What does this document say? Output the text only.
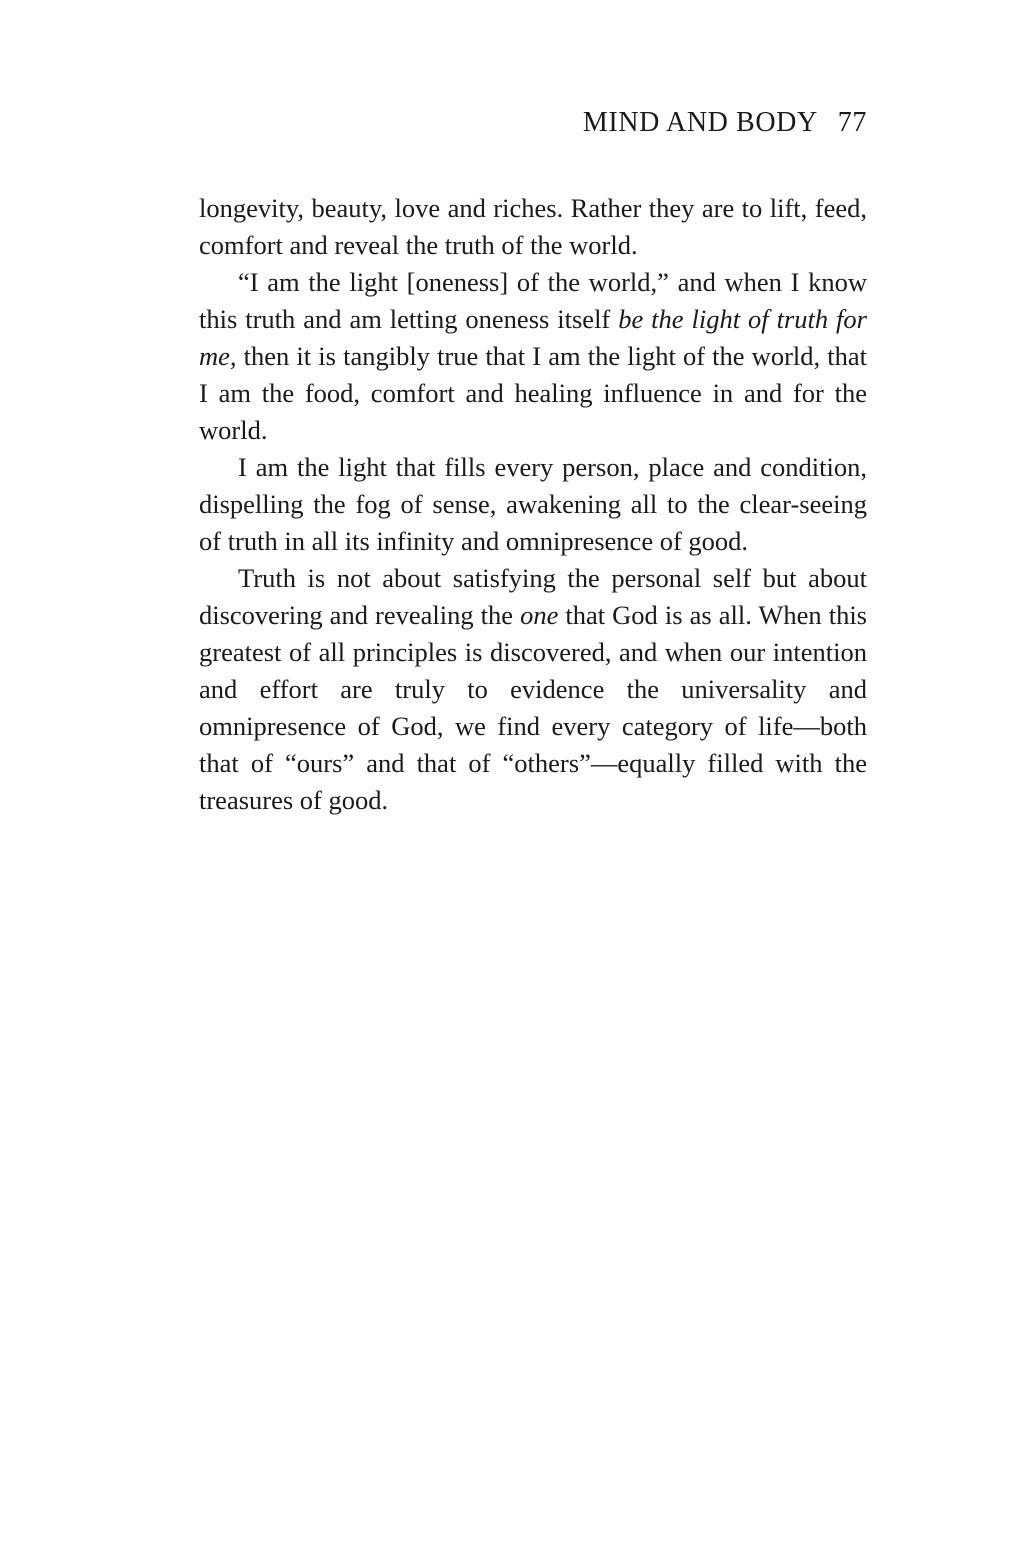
MIND AND BODY 77

longevity, beauty, love and riches. Rather they are to lift, feed, comfort and reveal the truth of the world.

“I am the light [oneness] of the world,” and when I know this truth and am letting oneness itself be the light of truth for me, then it is tangibly true that I am the light of the world, that I am the food, comfort and healing influence in and for the world.

I am the light that fills every person, place and condition, dispelling the fog of sense, awakening all to the clear-seeing of truth in all its infinity and omnipresence of good.

Truth is not about satisfying the personal self but about discovering and revealing the one that God is as all. When this greatest of all principles is discovered, and when our intention and effort are truly to evidence the universality and omnipresence of God, we find every category of life—both that of “ours” and that of “others”—equally filled with the treasures of good.
